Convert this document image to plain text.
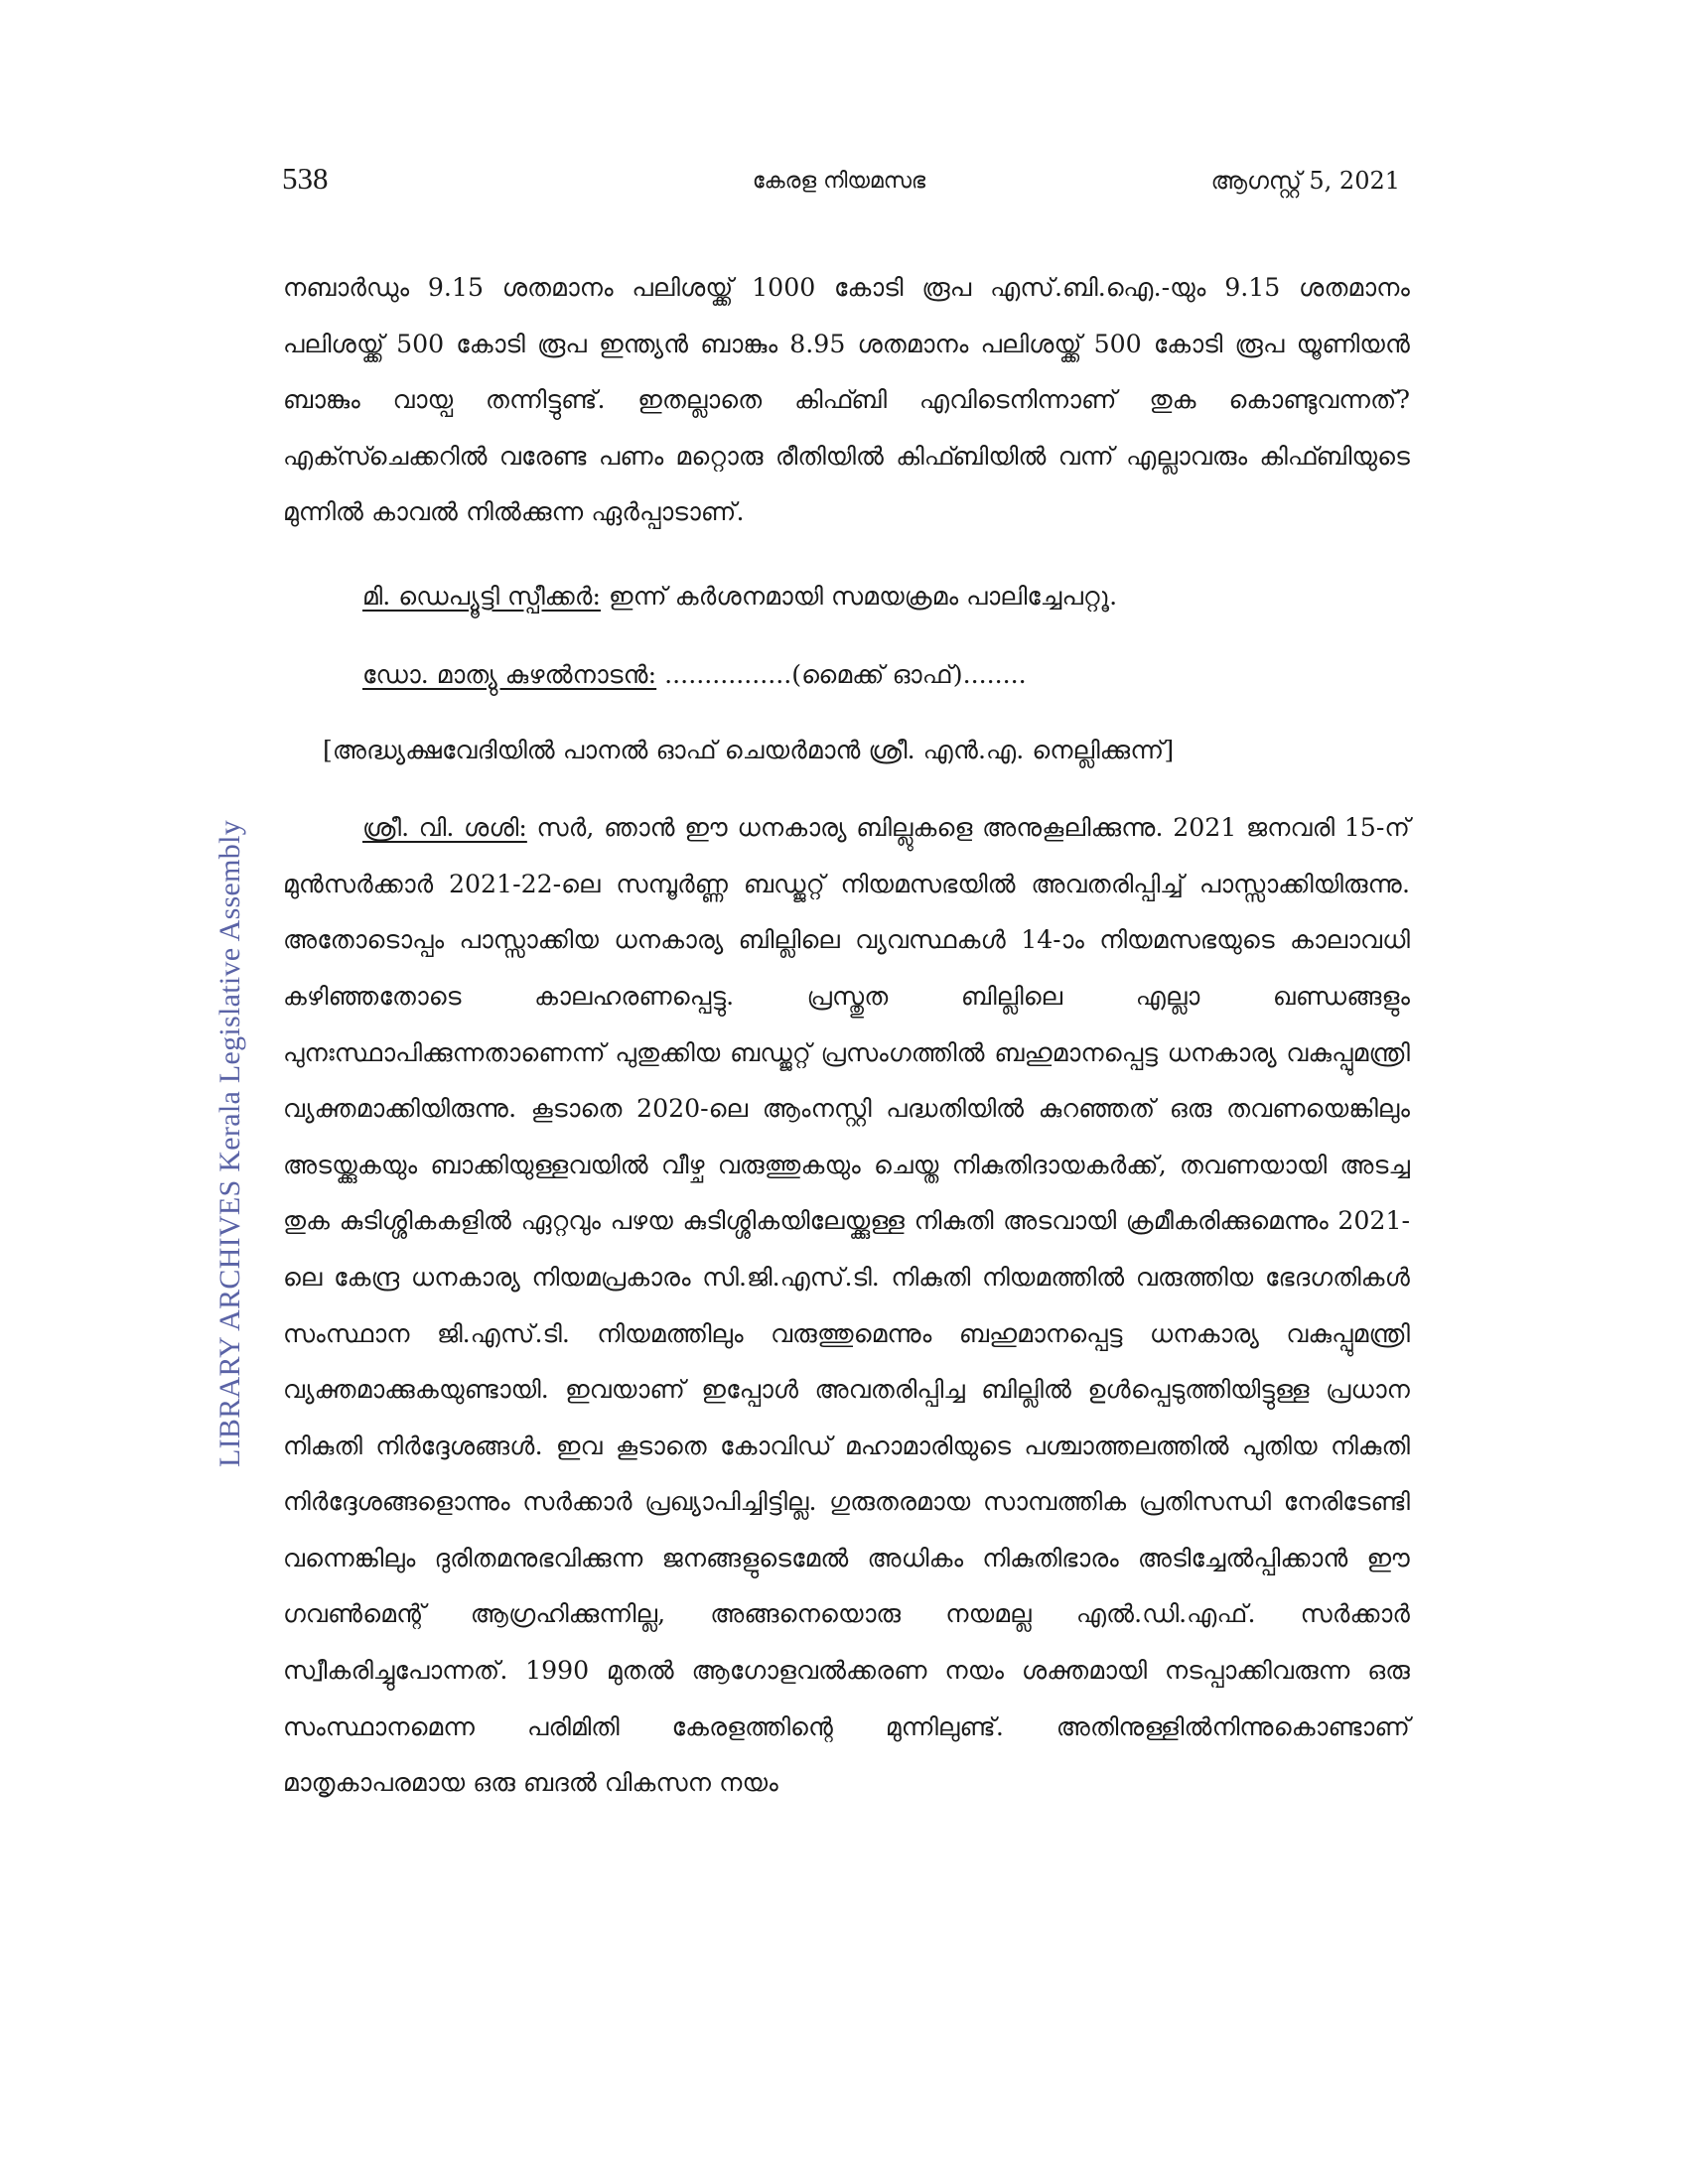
538	കേരള നിയമസഭ	ആഗസ്റ്റ് 5, 2021
LIBRARY ARCHIVES Kerala Legislative Assembly

നബാർഡും 9.15 ശതമാനം പലിശയ്ക്ക് 1000 കോടി രൂപ എസ്.ബി.ഐ.-യും 9.15 ശതമാനം പലിശയ്ക്ക് 500 കോടി രൂപ ഇന്ത്യൻ ബാങ്കും 8.95 ശതമാനം പലിശയ്ക്ക് 500 കോടി രൂപ യൂണിയൻ ബാങ്കും വായ്പ തന്നിട്ടുണ്ട്. ഇതല്ലാതെ കിഫ്ബി എവിടെനിന്നാണ് തുക കൊണ്ടുവന്നത്? എക്സ്ചെക്കറിൽ വരേണ്ട പണം മറ്റൊരു രീതിയിൽ കിഫ്ബിയിൽ വന്ന് എല്ലാവരും കിഫ്ബിയുടെ മുന്നിൽ കാവൽ നിൽക്കുന്ന ഏർപ്പാടാണ്.

മി. ഡെപ്യൂട്ടി സ്പീക്കർ: ഇന്ന് കർശനമായി സമയക്രമം പാലിച്ചേപറ്റൂ.

ഡോ. മാത്യു കുഴൽനാടൻ: ................(മൈക്ക് ഓഫ്)........

[അദ്ധ്യക്ഷവേദിയിൽ പാനൽ ഓഫ് ചെയർമാൻ ശ്രീ. എൻ.എ. നെല്ലിക്കുന്ന്]

ശ്രീ. വി. ശശി: സർ, ഞാൻ ഈ ധനകാര്യ ബില്ലുകളെ അനുകൂലിക്കുന്നു. 2021 ജനവരി 15-ന് മുൻസർക്കാർ 2021-22-ലെ സമ്പൂർണ്ണ ബഡ്ജറ്റ് നിയമസഭയിൽ അവതരിപ്പിച്ച് പാസ്സാക്കിയിരുന്നു. അതോടൊപ്പം പാസ്സാക്കിയ ധനകാര്യ ബില്ലിലെ വ്യവസ്ഥകൾ 14-ാം നിയമസഭയുടെ കാലാവധി കഴിഞ്ഞതോടെ കാലഹരണപ്പെട്ടു. പ്രസ്തുത ബില്ലിലെ എല്ലാ ഖണ്ഡങ്ങളും പുനഃസ്ഥാപിക്കുന്നതാണെന്ന് പുതുക്കിയ ബഡ്ജറ്റ് പ്രസംഗത്തിൽ ബഹുമാനപ്പെട്ട ധനകാര്യ വകുപ്പുമന്ത്രി വ്യക്തമാക്കിയിരുന്നു. കൂടാതെ 2020-ലെ ആംനസ്റ്റി പദ്ധതിയിൽ കുറഞ്ഞത് ഒരു തവണയെങ്കിലും അടയ്ക്കുകയും ബാക്കിയുള്ളവയിൽ വീഴ്ച വരുത്തുകയും ചെയ്ത നികുതിദായകർക്ക്, തവണയായി അടച്ച തുക കുടിശ്ശികകളിൽ ഏറ്റവും പഴയ കുടിശ്ശികയിലേയ്ക്കുള്ള നികുതി അടവായി ക്രമീകരിക്കുമെന്നും 2021-ലെ കേന്ദ്ര ധനകാര്യ നിയമപ്രകാരം സി.ജി.എസ്.ടി. നികുതി നിയമത്തിൽ വരുത്തിയ ഭേദഗതികൾ സംസ്ഥാന ജി.എസ്.ടി. നിയമത്തിലും വരുത്തുമെന്നും ബഹുമാനപ്പെട്ട ധനകാര്യ വകുപ്പുമന്ത്രി വ്യക്തമാക്കുകയുണ്ടായി. ഇവയാണ് ഇപ്പോൾ അവതരിപ്പിച്ച ബില്ലിൽ ഉൾപ്പെടുത്തിയിട്ടുള്ള പ്രധാന നികുതി നിർദ്ദേശങ്ങൾ. ഇവ കൂടാതെ കോവിഡ് മഹാമാരിയുടെ പശ്ചാത്തലത്തിൽ പുതിയ നികുതി നിർദ്ദേശങ്ങളൊന്നും സർക്കാർ പ്രഖ്യാപിച്ചിട്ടില്ല. ഗുരുതരമായ സാമ്പത്തിക പ്രതിസന്ധി നേരിടേണ്ടി വന്നെങ്കിലും ദുരിതമനുഭവിക്കുന്ന ജനങ്ങളുടെമേൽ അധികം നികുതിഭാരം അടിച്ചേൽപ്പിക്കാൻ ഈ ഗവൺമെന്റ് ആഗ്രഹിക്കുന്നില്ല, അങ്ങനെയൊരു നയമല്ല എൽ.ഡി.എഫ്. സർക്കാർ സ്വീകരിച്ചുപോന്നത്. 1990 മുതൽ ആഗോളവൽക്കരണ നയം ശക്തമായി നടപ്പാക്കിവരുന്ന ഒരു സംസ്ഥാനമെന്ന പരിമിതി കേരളത്തിന്റെ മുന്നിലുണ്ട്. അതിനുള്ളിൽനിന്നുകൊണ്ടാണ് മാതൃകാപരമായ ഒരു ബദൽ വികസന നയം
